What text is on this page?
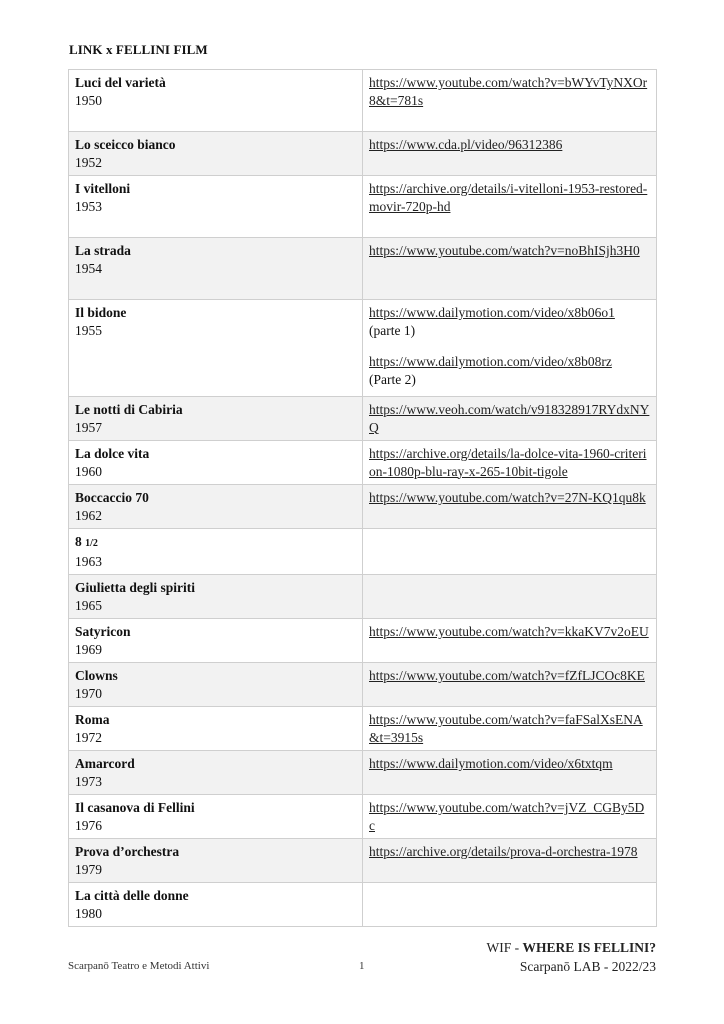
LINK x FELLINI FILM
Luci del varietà
1950	https://www.youtube.com/watch?v=bWYvTyNXOr8&t=781s

Lo sceicco bianco
1952	https://www.cda.pl/video/96312386

I vitelloni
1953	https://archive.org/details/i-vitelloni-1953-restored-movir-720p-hd

La strada
1954	https://www.youtube.com/watch?v=noBhISjh3H0

Il bidone
1955	https://www.dailymotion.com/video/x8b06o1
(parte 1)
https://www.dailymotion.com/video/x8b08rz
(Parte 2)

Le notti di Cabiria
1957	https://www.veoh.com/watch/v918328917RYdxNYQ

La dolce vita
1960	https://archive.org/details/la-dolce-vita-1960-criterion-1080p-blu-ray-x-265-10bit-tigole

Boccaccio 70
1962	https://www.youtube.com/watch?v=27N-KQ1qu8k

8 1/2
1963	

Giulietta degli spiriti
1965	

Satyricon
1969	https://www.youtube.com/watch?v=kkaKV7v2oEU

Clowns
1970	https://www.youtube.com/watch?v=fZfLJCOc8KE

Roma
1972	https://www.youtube.com/watch?v=faFSalXsENA&t=3915s

Amarcord
1973	https://www.dailymotion.com/video/x6txtqm

Il casanova di Fellini
1976	https://www.youtube.com/watch?v=jVZ_CGBy5Dc

Prova d’orchestra
1979	https://archive.org/details/prova-d-orchestra-1978

La città delle donne
1980	

WIF - WHERE IS FELLINI?
Scarpanō LAB - 2022/23
Scarpanō Teatro e Metodi Attivi	1
